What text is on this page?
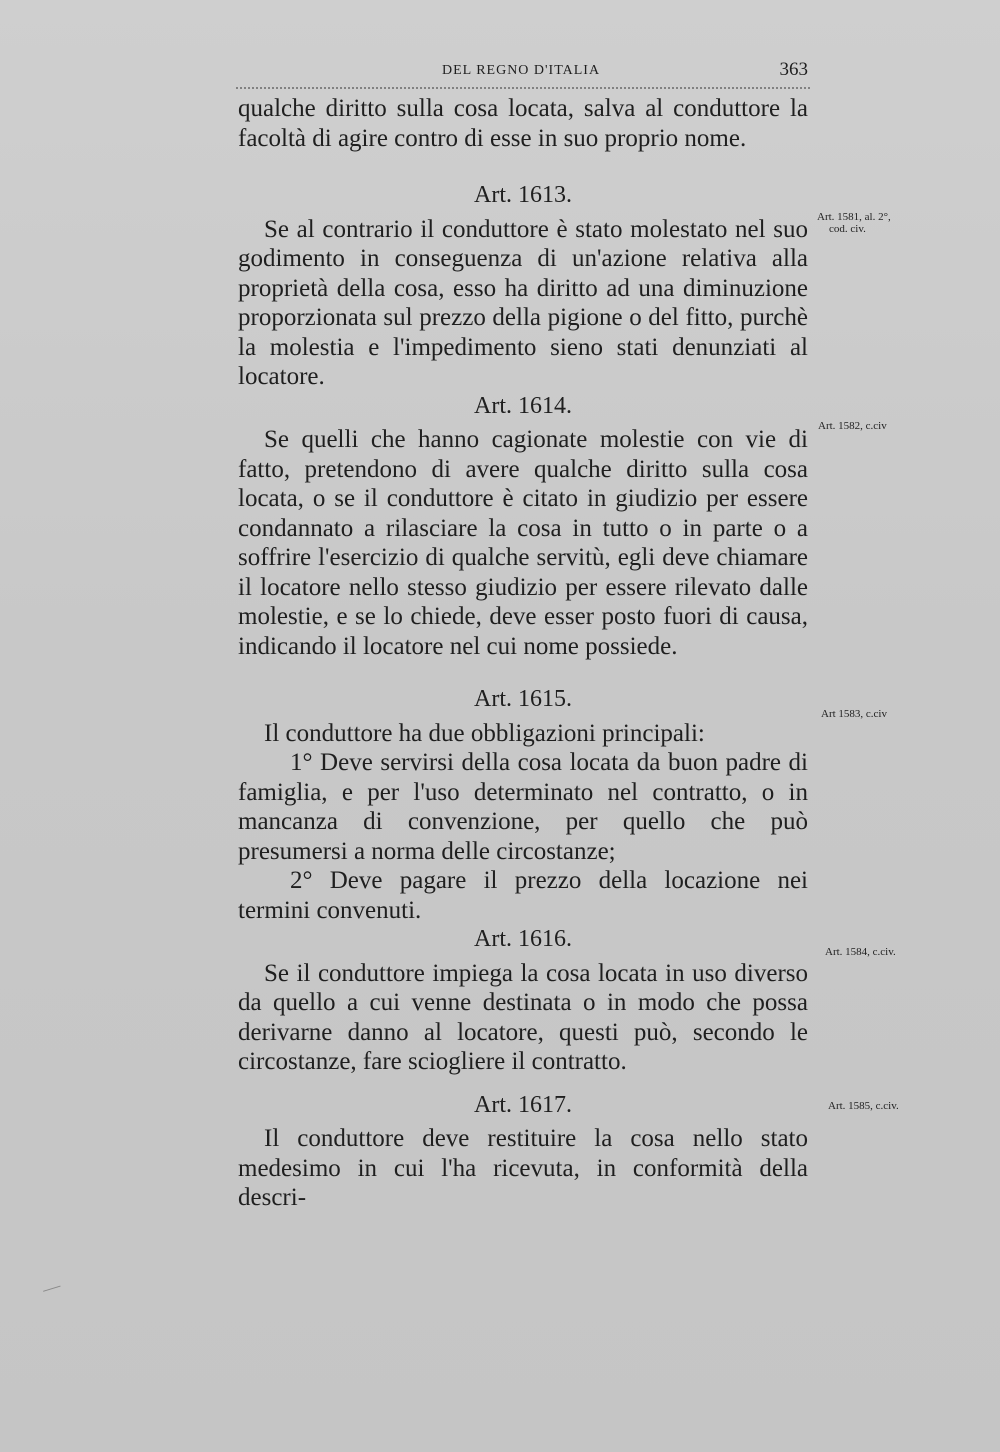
DEL REGNO D'ITALIA	363

qualche diritto sulla cosa locata, salva al conduttore la facoltà di agire contro di esse in suo proprio nome.

Art. 1613.

Se al contrario il conduttore è stato molestato nel suo godimento in conseguenza di un'azione relativa alla proprietà della cosa, esso ha diritto ad una diminuzione proporzionata sul prezzo della pigione o del fitto, purchè la molestia e l'impedimento sieno stati denunziati al locatore.

Art. 1614.

Se quelli che hanno cagionate molestie con vie di fatto, pretendono di avere qualche diritto sulla cosa locata, o se il conduttore è citato in giudizio per essere condannato a rilasciare la cosa in tutto o in parte o a soffrire l'esercizio di qualche servitù, egli deve chiamare il locatore nello stesso giudizio per essere rilevato dalle molestie, e se lo chiede, deve esser posto fuori di causa, indicando il locatore nel cui nome possiede.

Art. 1615.

Il conduttore ha due obbligazioni principali:

1° Deve servirsi della cosa locata da buon padre di famiglia, e per l'uso determinato nel contratto, o in mancanza di convenzione, per quello che può presumersi a norma delle circostanze;

2° Deve pagare il prezzo della locazione nei termini convenuti.

Art. 1616.

Se il conduttore impiega la cosa locata in uso diverso da quello a cui venne destinata o in modo che possa derivarne danno al locatore, questi può, secondo le circostanze, fare sciogliere il contratto.

Art. 1617.

Il conduttore deve restituire la cosa nello stato medesimo in cui l'ha ricevuta, in conformità della descri-

Art. 1581, al. 2°,
cod. civ.
Art. 1582, c.civ
Art 1583, c.civ
Art. 1584, c.civ.
Art. 1585, c.civ.
